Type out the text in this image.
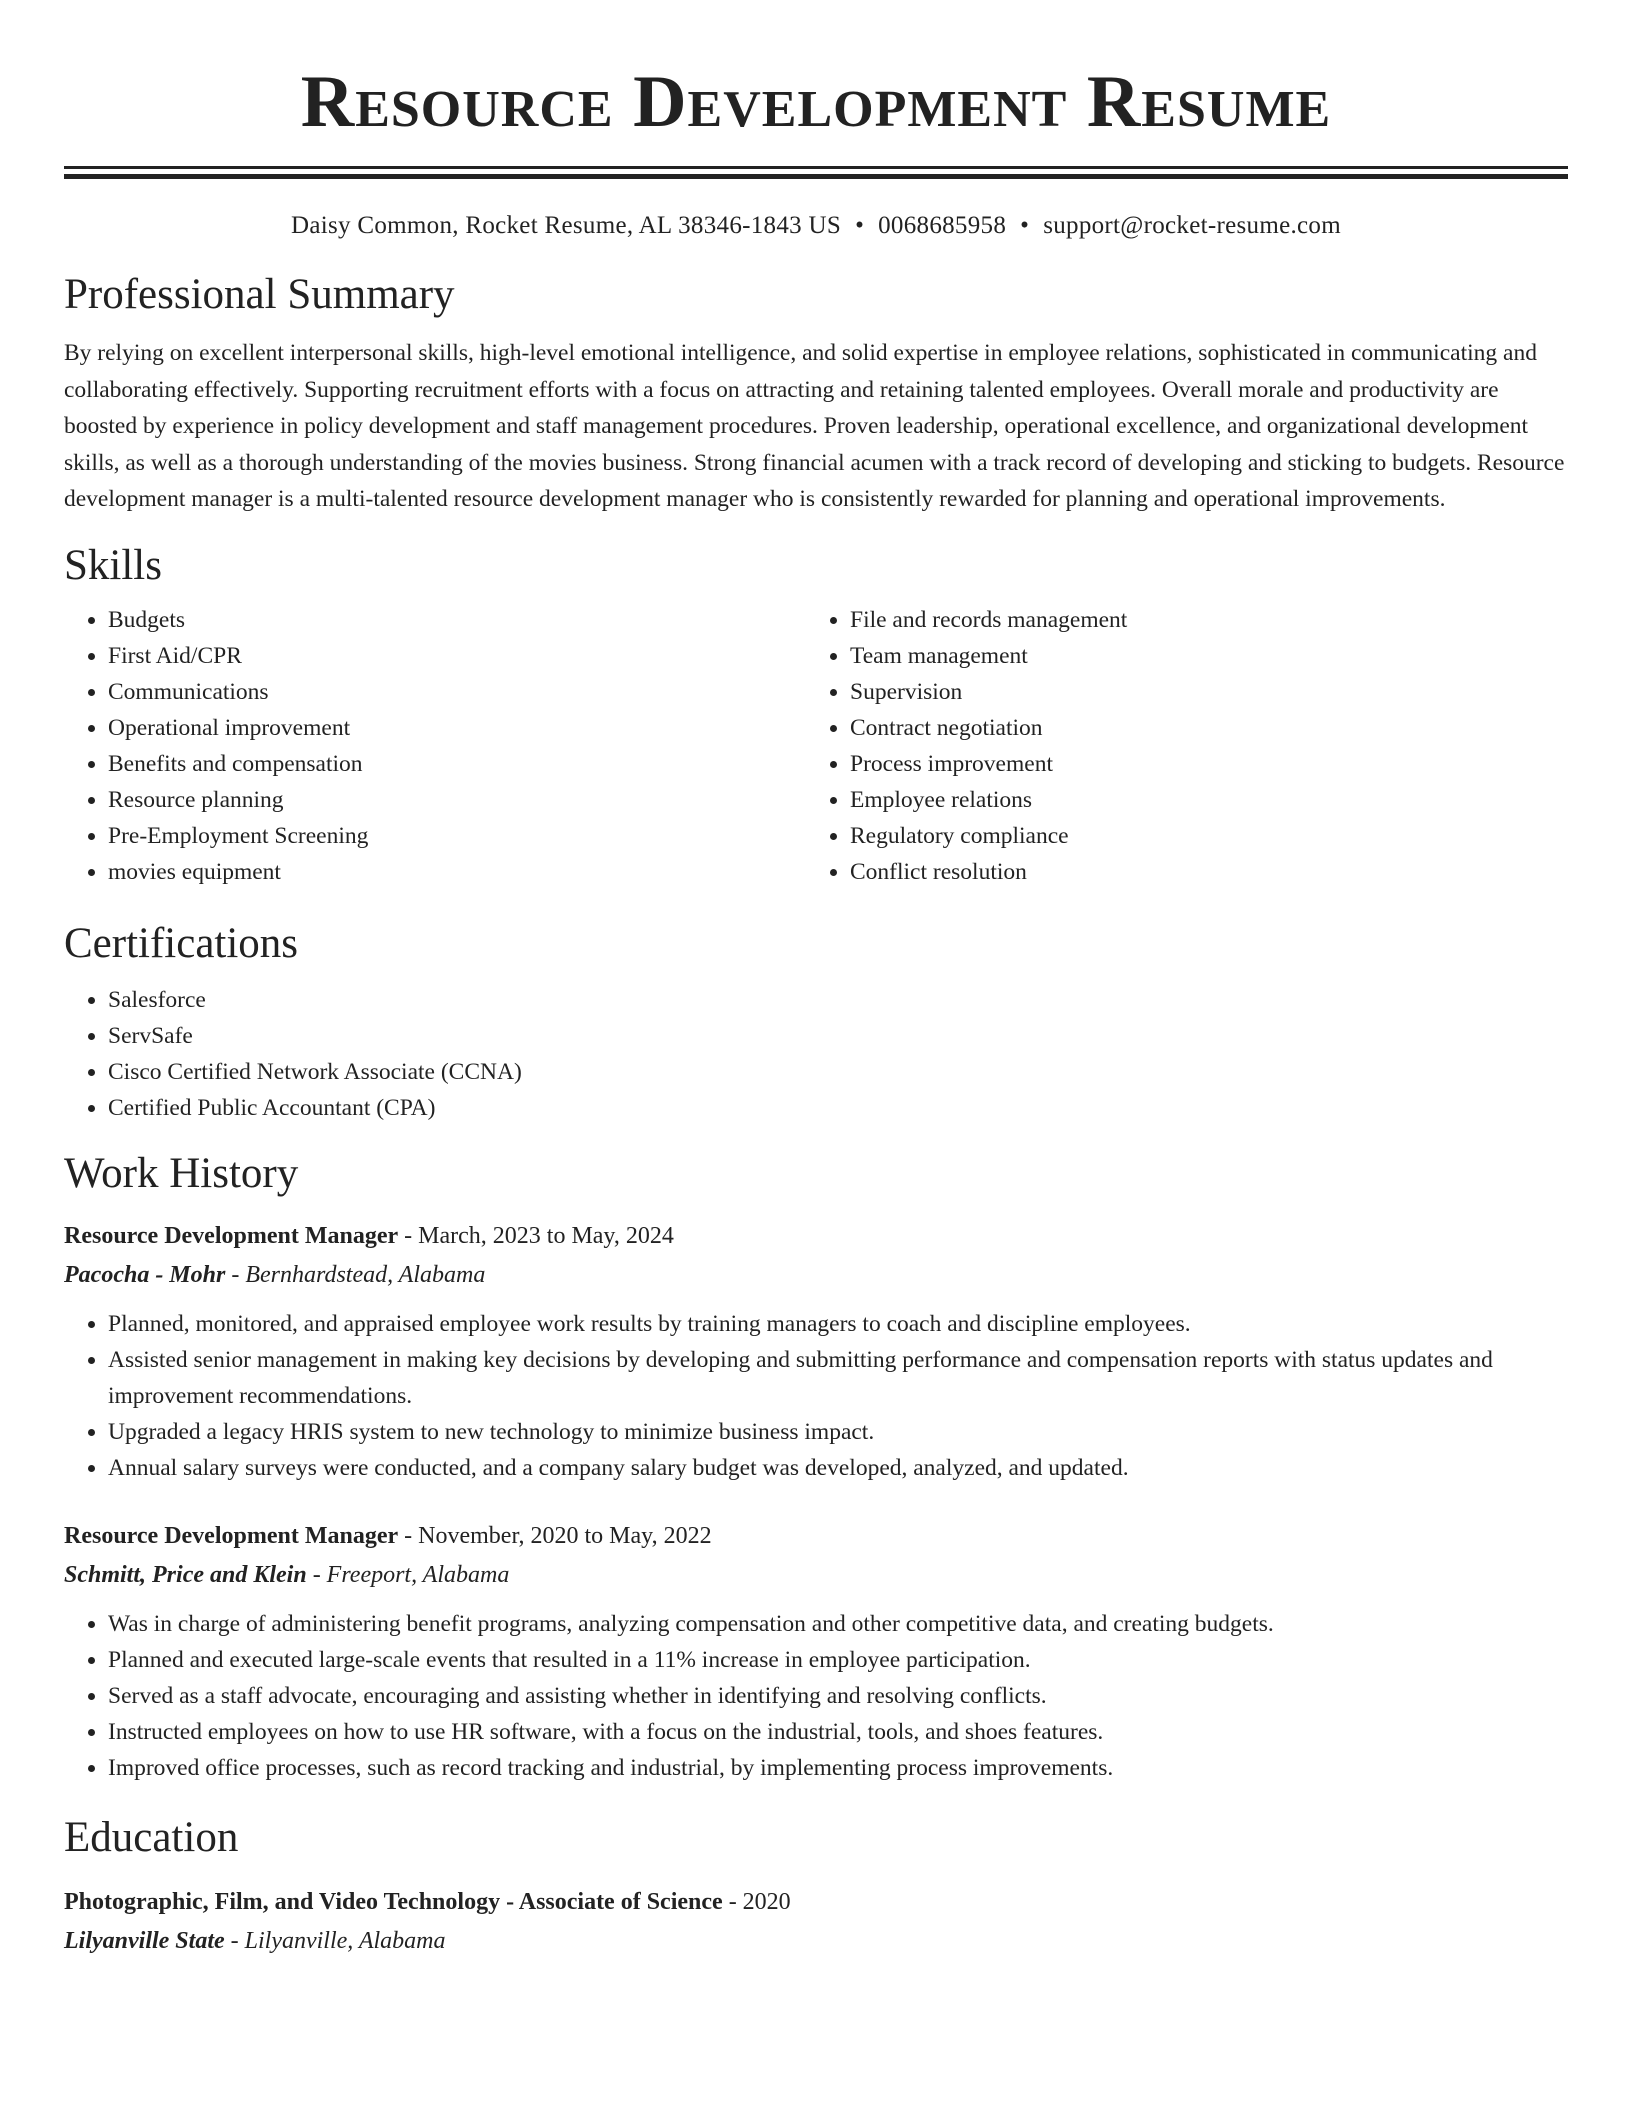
Resource Development Resume
Daisy Common, Rocket Resume, AL 38346-1843 US • 0068685958 • support@rocket-resume.com
Professional Summary

By relying on excellent interpersonal skills, high-level emotional intelligence, and solid expertise in employee relations, sophisticated in communicating and collaborating effectively. Supporting recruitment efforts with a focus on attracting and retaining talented employees. Overall morale and productivity are boosted by experience in policy development and staff management procedures. Proven leadership, operational excellence, and organizational development skills, as well as a thorough understanding of the movies business. Strong financial acumen with a track record of developing and sticking to budgets. Resource development manager is a multi-talented resource development manager who is consistently rewarded for planning and operational improvements.

Skills
• Budgets
• First Aid/CPR
• Communications
• Operational improvement
• Benefits and compensation
• Resource planning
• Pre-Employment Screening
• movies equipment
• File and records management
• Team management
• Supervision
• Contract negotiation
• Process improvement
• Employee relations
• Regulatory compliance
• Conflict resolution
Certifications
• Salesforce
• ServSafe
• Cisco Certified Network Associate (CCNA)
• Certified Public Accountant (CPA)
Work History
Resource Development Manager - March, 2023 to May, 2024
Pacocha - Mohr - Bernhardstead, Alabama
• Planned, monitored, and appraised employee work results by training managers to coach and discipline employees.
• Assisted senior management in making key decisions by developing and submitting performance and compensation reports with status updates and improvement recommendations.
• Upgraded a legacy HRIS system to new technology to minimize business impact.
• Annual salary surveys were conducted, and a company salary budget was developed, analyzed, and updated.
Resource Development Manager - November, 2020 to May, 2022
Schmitt, Price and Klein - Freeport, Alabama
• Was in charge of administering benefit programs, analyzing compensation and other competitive data, and creating budgets.
• Planned and executed large-scale events that resulted in a 11% increase in employee participation.
• Served as a staff advocate, encouraging and assisting whether in identifying and resolving conflicts.
• Instructed employees on how to use HR software, with a focus on the industrial, tools, and shoes features.
• Improved office processes, such as record tracking and industrial, by implementing process improvements.
Education
Photographic, Film, and Video Technology - Associate of Science - 2020
Lilyanville State - Lilyanville, Alabama
